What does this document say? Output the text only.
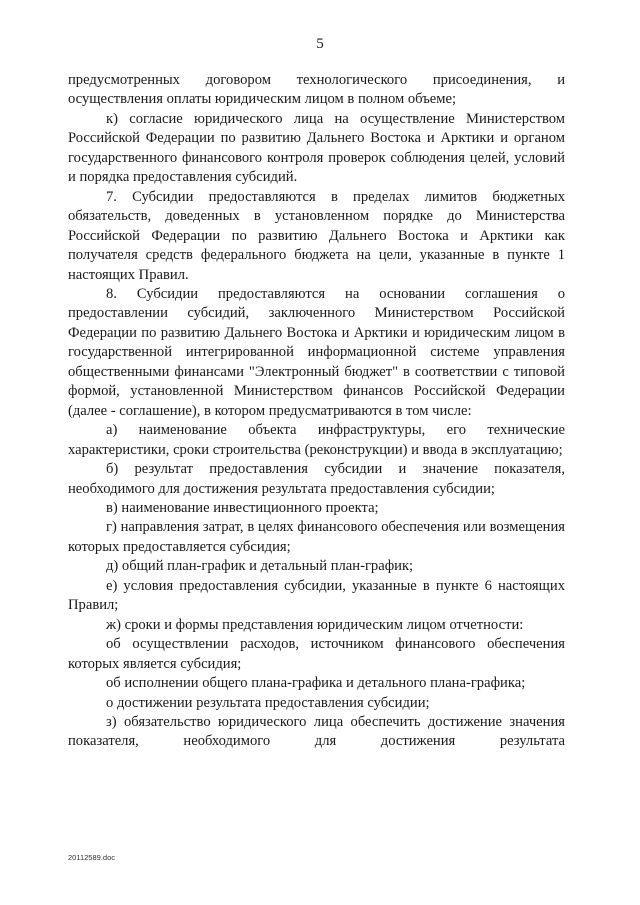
5

предусмотренных договором технологического присоединения, и осуществления оплаты юридическим лицом в полном объеме;

к) согласие юридического лица на осуществление Министерством Российской Федерации по развитию Дальнего Востока и Арктики и органом государственного финансового контроля проверок соблюдения целей, условий и порядка предоставления субсидий.

7. Субсидии предоставляются в пределах лимитов бюджетных обязательств, доведенных в установленном порядке до Министерства Российской Федерации по развитию Дальнего Востока и Арктики как получателя средств федерального бюджета на цели, указанные в пункте 1 настоящих Правил.

8. Субсидии предоставляются на основании соглашения о предоставлении субсидий, заключенного Министерством Российской Федерации по развитию Дальнего Востока и Арктики и юридическим лицом в государственной интегрированной информационной системе управления общественными финансами "Электронный бюджет" в соответствии с типовой формой, установленной Министерством финансов Российской Федерации (далее - соглашение), в котором предусматриваются в том числе:

а) наименование объекта инфраструктуры, его технические характеристики, сроки строительства (реконструкции) и ввода в эксплуатацию;

б) результат предоставления субсидии и значение показателя, необходимого для достижения результата предоставления субсидии;

в) наименование инвестиционного проекта;

г) направления затрат, в целях финансового обеспечения или возмещения которых предоставляется субсидия;

д) общий план-график и детальный план-график;

е) условия предоставления субсидии, указанные в пункте 6 настоящих Правил;

ж) сроки и формы представления юридическим лицом отчетности:

об осуществлении расходов, источником финансового обеспечения которых является субсидия;

об исполнении общего плана-графика и детального плана-графика;

о достижении результата предоставления субсидии;

з) обязательство юридического лица обеспечить достижение значения показателя, необходимого для достижения результата

20112589.doc
